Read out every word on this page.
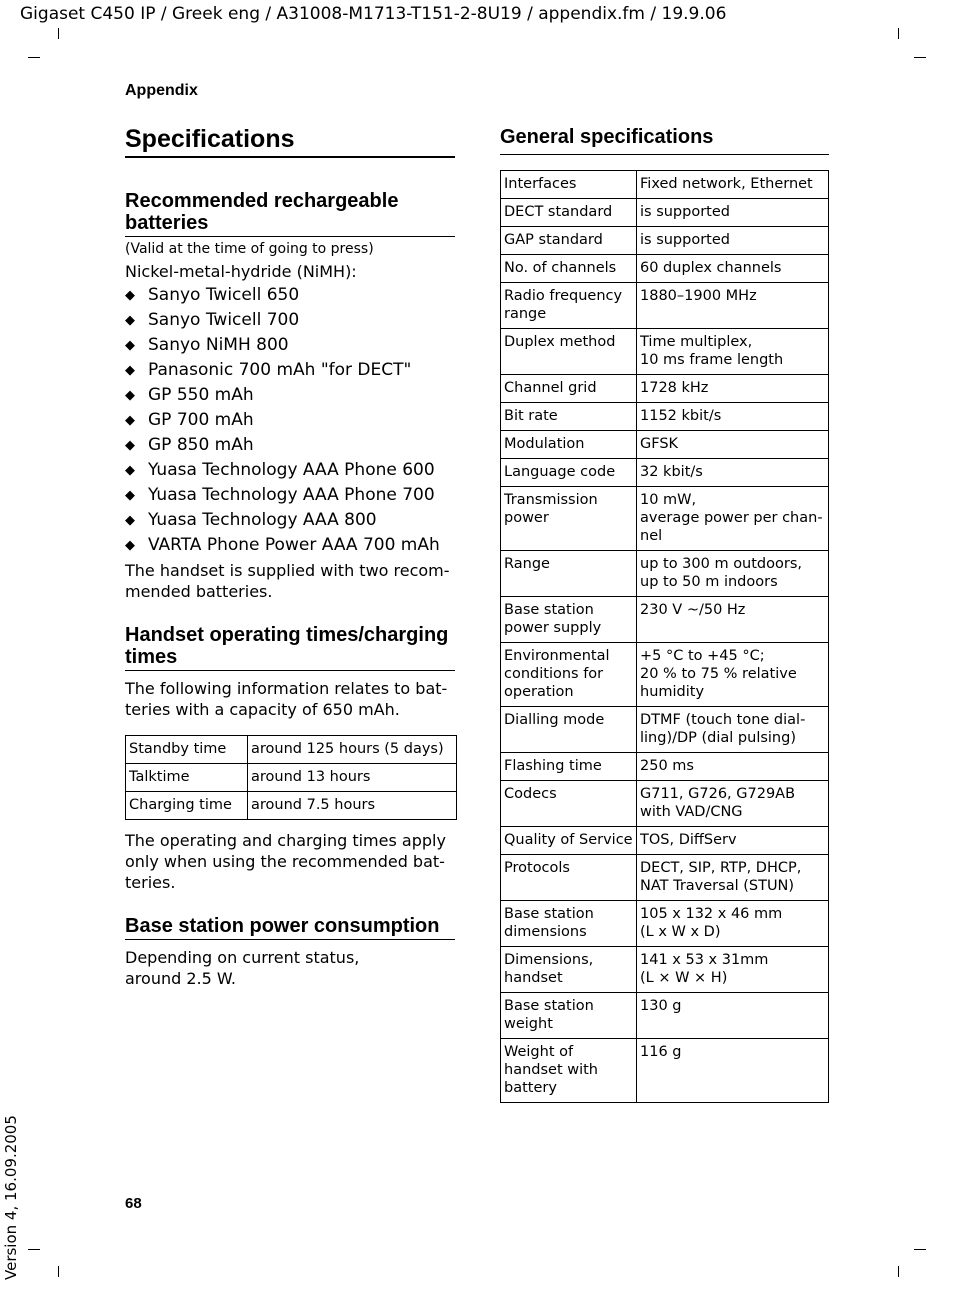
Gigaset C450 IP / Greek eng / A31008-M1713-T151-2-8U19 / appendix.fm / 19.9.06
Appendix
Specifications
Recommended rechargeable batteries
(Valid at the time of going to press)
Nickel-metal-hydride (NiMH):
◆ Sanyo Twicell 650
◆ Sanyo Twicell 700
◆ Sanyo NiMH 800
◆ Panasonic 700 mAh "for DECT"
◆ GP 550 mAh
◆ GP 700 mAh
◆ GP 850 mAh
◆ Yuasa Technology AAA Phone 600
◆ Yuasa Technology AAA Phone 700
◆ Yuasa Technology AAA 800
◆ VARTA Phone Power AAA 700 mAh
The handset is supplied with two recom-mended batteries.
Handset operating times/charging times
The following information relates to bat-teries with a capacity of 650 mAh.
Standby time	around 125 hours (5 days)
Talktime	around 13 hours
Charging time	around 7.5 hours
The operating and charging times apply only when using the recommended bat-teries.
Base station power consumption
Depending on current status,
around 2.5 W.
General specifications
Interfaces	Fixed network, Ethernet
DECT standard	is supported
GAP standard	is supported
No. of channels	60 duplex channels
Radio frequency range	1880–1900 MHz
Duplex method	Time multiplex,
10 ms frame length
Channel grid	1728 kHz
Bit rate	1152 kbit/s
Modulation	GFSK
Language code	32 kbit/s
Transmission power	10 mW,
average power per chan-nel
Range	up to 300 m outdoors,
up to 50 m indoors
Base station power supply	230 V ~/50 Hz
Environmental conditions for operation	+5 °C to +45 °C;
20 % to 75 % relative humidity
Dialling mode	DTMF (touch tone dial-ling)/DP (dial pulsing)
Flashing time	250 ms
Codecs	G711, G726, G729AB with VAD/CNG
Quality of Service	TOS, DiffServ
Protocols	DECT, SIP, RTP, DHCP, NAT Traversal (STUN)
Base station dimensions	105 x 132 x 46 mm
(L x W x D)
Dimensions, handset	141 x 53 x 31mm
(L × W × H)
Base station weight	130 g
Weight of handset with battery	116 g
68
Version 4, 16.09.2005
